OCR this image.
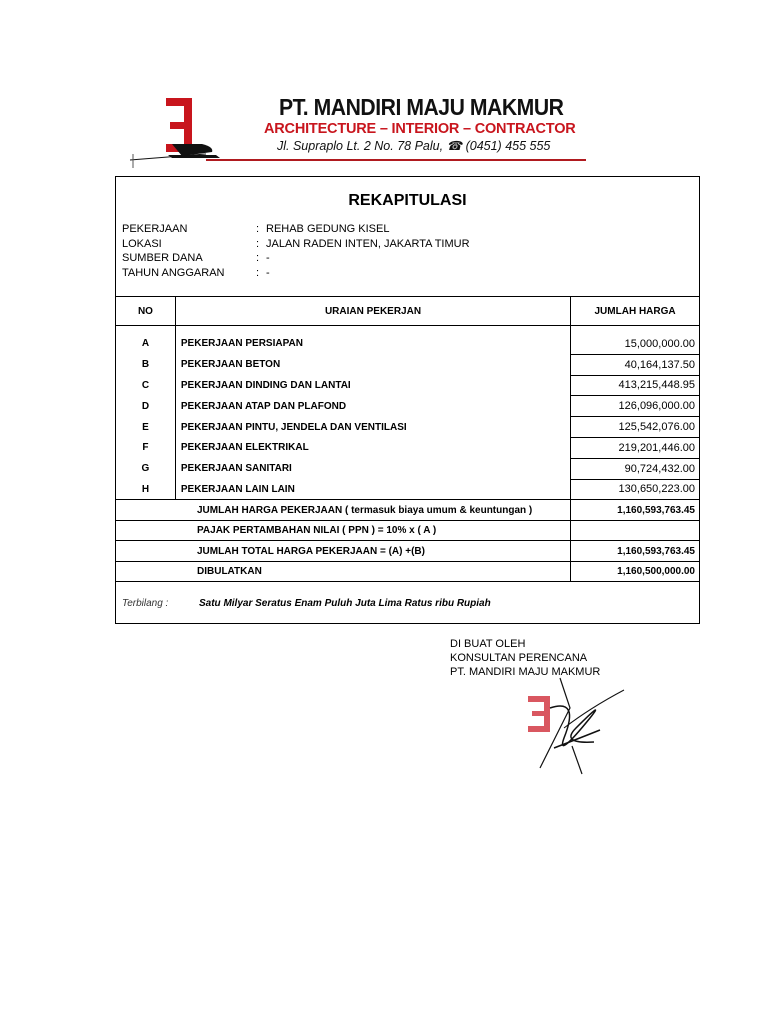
PT. MANDIRI MAJU MAKMUR
ARCHITECTURE – INTERIOR – CONTRACTOR
Jl. Supraplo Lt. 2 No. 78 Palu, ☎ (0451) 455 555
REKAPITULASI
PEKERJAAN	: REHAB GEDUNG KISEL
LOKASI	: JALAN RADEN INTEN, JAKARTA TIMUR
SUMBER DANA	: -
TAHUN ANGGARAN	: -
NO	URAIAN PEKERJAN	JUMLAH HARGA

A	PEKERJAAN PERSIAPAN	15,000,000.00
B	PEKERJAAN BETON	40,164,137.50
C	PEKERJAAN DINDING DAN LANTAI	413,215,448.95
D	PEKERJAAN ATAP DAN PLAFOND	126,096,000.00
E	PEKERJAAN PINTU, JENDELA DAN VENTILASI	125,542,076.00
F	PEKERJAAN ELEKTRIKAL	219,201,446.00
G	PEKERJAAN SANITARI	90,724,432.00
H	PEKERJAAN LAIN LAIN	130,650,223.00
JUMLAH HARGA PEKERJAAN ( termasuk biaya umum & keuntungan )		1,160,593,763.45
PAJAK PERTAMBAHAN NILAI ( PPN ) = 10% x ( A )		
JUMLAH TOTAL HARGA PEKERJAAN = (A) +(B)		1,160,593,763.45
DIBULATKAN		1,160,500,000.00
Terbilang :	Satu Milyar Seratus Enam Puluh Juta Lima Ratus ribu Rupiah
DI BUAT OLEH
KONSULTAN PERENCANA
PT. MANDIRI MAJU MAKMUR
